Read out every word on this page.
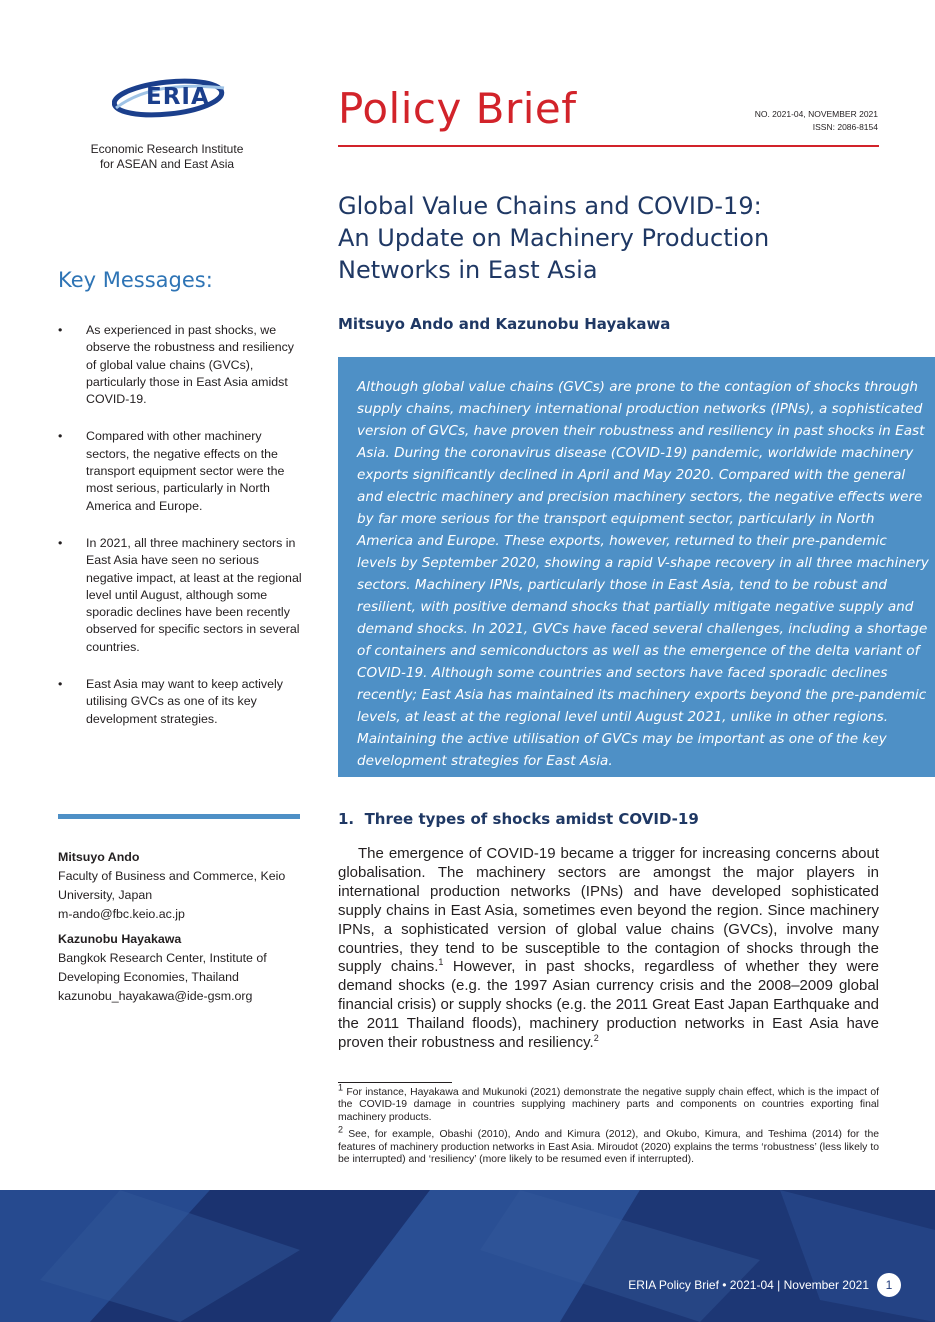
ERIA
Economic Research Institute
for ASEAN and East Asia
Policy Brief	NO. 2021-04, NOVEMBER 2021
ISSN: 2086-8154
Global Value Chains and COVID-19:
An Update on Machinery Production
Networks in East Asia
Mitsuyo Ando and Kazunobu Hayakawa
Although global value chains (GVCs) are prone to the contagion of shocks through supply chains, machinery international production networks (IPNs), a sophisticated version of GVCs, have proven their robustness and resiliency in past shocks in East Asia. During the coronavirus disease (COVID-19) pandemic, worldwide machinery exports significantly declined in April and May 2020. Compared with the general and electric machinery and precision machinery sectors, the negative effects were by far more serious for the transport equipment sector, particularly in North America and Europe. These exports, however, returned to their pre-pandemic levels by September 2020, showing a rapid V-shape recovery in all three machinery sectors. Machinery IPNs, particularly those in East Asia, tend to be robust and resilient, with positive demand shocks that partially mitigate negative supply and demand shocks. In 2021, GVCs have faced several challenges, including a shortage of containers and semiconductors as well as the emergence of the delta variant of COVID-19. Although some countries and sectors have faced sporadic declines recently; East Asia has maintained its machinery exports beyond the pre-pandemic levels, at least at the regional level until August 2021, unlike in other regions. Maintaining the active utilisation of GVCs may be important as one of the key development strategies for East Asia.
Key Messages:
• As experienced in past shocks, we observe the robustness and resiliency of global value chains (GVCs), particularly those in East Asia amidst COVID-19.
• Compared with other machinery sectors, the negative effects on the transport equipment sector were the most serious, particularly in North America and Europe.
• In 2021, all three machinery sectors in East Asia have seen no serious negative impact, at least at the regional level until August, although some sporadic declines have been recently observed for specific sectors in several countries.
• East Asia may want to keep actively utilising GVCs as one of its key development strategies.
Mitsuyo Ando
Faculty of Business and Commerce, Keio
University, Japan
m-ando@fbc.keio.ac.jp
Kazunobu Hayakawa
Bangkok Research Center, Institute of
Developing Economies, Thailand
kazunobu_hayakawa@ide-gsm.org
1.  Three types of shocks amidst COVID-19
The emergence of COVID-19 became a trigger for increasing concerns about globalisation. The machinery sectors are amongst the major players in international production networks (IPNs) and have developed sophisticated supply chains in East Asia, sometimes even beyond the region. Since machinery IPNs, a sophisticated version of global value chains (GVCs), involve many countries, they tend to be susceptible to the contagion of shocks through the supply chains.$^1$ However, in past shocks, regardless of whether they were demand shocks (e.g. the 1997 Asian currency crisis and the 2008–2009 global financial crisis) or supply shocks (e.g. the 2011 Great East Japan Earthquake and the 2011 Thailand floods), machinery production networks in East Asia have proven their robustness and resiliency.$^2$

$^1$ For instance, Hayakawa and Mukunoki (2021) demonstrate the negative supply chain effect, which is the impact of the COVID-19 damage in countries supplying machinery parts and components on countries exporting final machinery products.

$^2$ See, for example, Obashi (2010), Ando and Kimura (2012), and Okubo, Kimura, and Teshima (2014) for the features of machinery production networks in East Asia. Miroudot (2020) explains the terms ‘robustness’ (less likely to be interrupted) and ‘resiliency’ (more likely to be resumed even if interrupted).

ERIA Policy Brief • 2021-04 | November 2021	1
